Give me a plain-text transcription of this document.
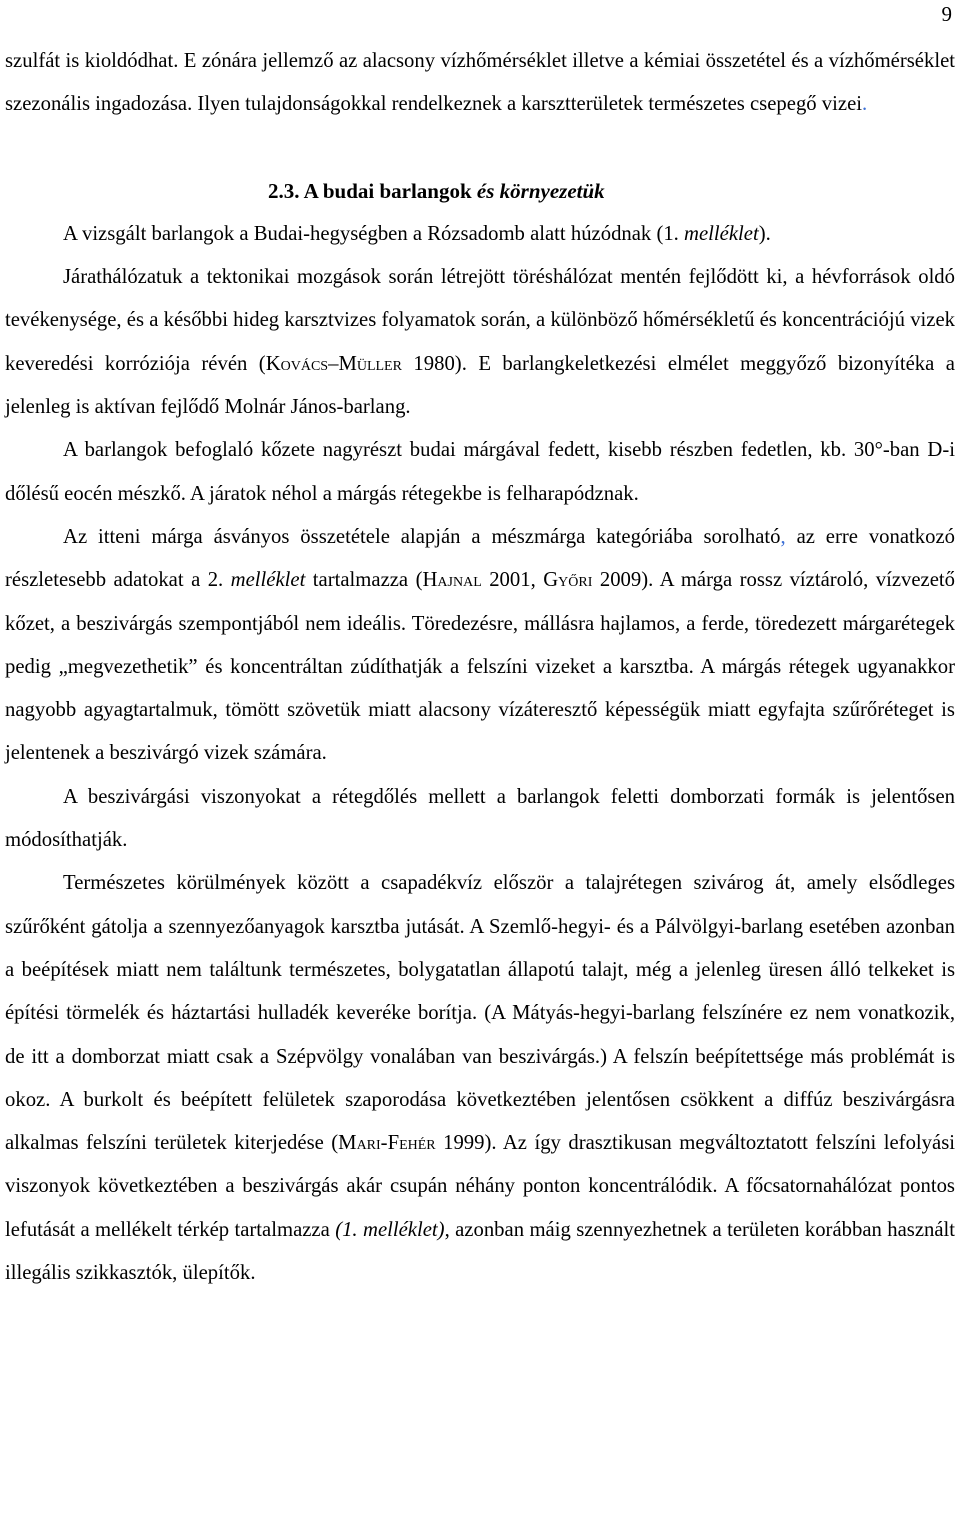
9

szulfát is kioldódhat. E zónára jellemző az alacsony vízhőmérséklet illetve a kémiai összetétel és a vízhőmérséklet szezonális ingadozása. Ilyen tulajdonságokkal rendelkeznek a karsztterületek természetes csepegő vizei.

2.3. A budai barlangok és környezetük

A vizsgált barlangok a Budai-hegységben a Rózsadomb alatt húzódnak (1. melléklet).

Járathálózatuk a tektonikai mozgások során létrejött töréshálózat mentén fejlődött ki, a hévforrások oldó tevékenysége, és a későbbi hideg karsztvizes folyamatok során, a különböző hőmérsékletű és koncentrációjú vizek keveredési korróziója révén (Kovács–Müller 1980). E barlangkeletkezési elmélet meggyőző bizonyítéka a jelenleg is aktívan fejlődő Molnár János-barlang.

A barlangok befoglaló kőzete nagyrészt budai márgával fedett, kisebb részben fedetlen, kb. 30°-ban D-i dőlésű eocén mészkő. A járatok néhol a márgás rétegekbe is felharapódznak.

Az itteni márga ásványos összetétele alapján a mészmárga kategóriába sorolható, az erre vonatkozó részletesebb adatokat a 2. melléklet tartalmazza (Hajnal 2001, Győri 2009). A márga rossz víztároló, vízvezető kőzet, a beszivárgás szempontjából nem ideális. Töredezésre, mállásra hajlamos, a ferde, töredezett márgarétegek pedig „megvezethetik” és koncentráltan zúdíthatják a felszíni vizeket a karsztba. A márgás rétegek ugyanakkor nagyobb agyagtartalmuk, tömött szövetük miatt alacsony vízáteresztő képességük miatt egyfajta szűrőréteget is jelentenek a beszivárgó vizek számára.

A beszivárgási viszonyokat a rétegdőlés mellett a barlangok feletti domborzati formák is jelentősen módosíthatják.

Természetes körülmények között a csapadékvíz először a talajrétegen szivárog át, amely elsődleges szűrőként gátolja a szennyezőanyagok karsztba jutását. A Szemlő-hegyi- és a Pálvölgyi-barlang esetében azonban a beépítések miatt nem találtunk természetes, bolygatatlan állapotú talajt, még a jelenleg üresen álló telkeket is építési törmelék és háztartási hulladék keveréke borítja. (A Mátyás-hegyi-barlang felszínére ez nem vonatkozik, de itt a domborzat miatt csak a Szépvölgy vonalában van beszivárgás.) A felszín beépítettsége más problémát is okoz. A burkolt és beépített felületek szaporodása következtében jelentősen csökkent a diffúz beszivárgásra alkalmas felszíni területek kiterjedése (Mari-Fehér 1999). Az így drasztikusan megváltoztatott felszíni lefolyási viszonyok következtében a beszivárgás akár csupán néhány ponton koncentrálódik. A főcsatornahálózat pontos lefutását a mellékelt térkép tartalmazza (1. melléklet), azonban máig szennyezhetnek a területen korábban használt illegális szikkasztók, ülepítők.
